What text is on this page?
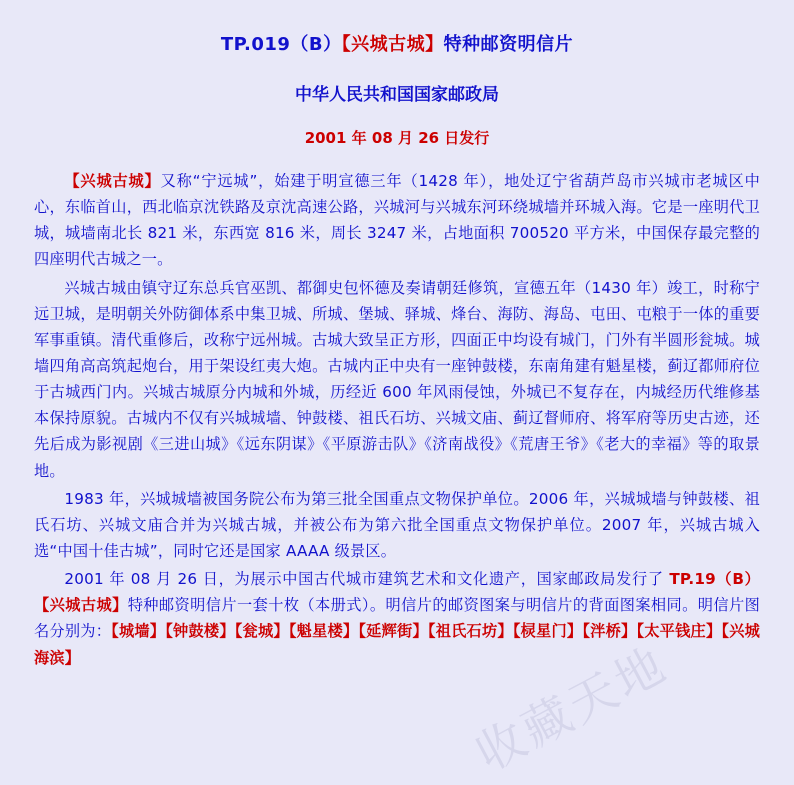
收藏天地
TP.019（B）【兴城古城】特种邮资明信片
中华人民共和国国家邮政局
2001 年 08 月 26 日发行

【兴城古城】又称“宁远城”，始建于明宣德三年（1428 年），地处辽宁省葫芦岛市兴城市老城区中心，东临首山，西北临京沈铁路及京沈高速公路，兴城河与兴城东河环绕城墙并环城入海。它是一座明代卫城，城墙南北长 821 米，东西宽 816 米，周长 3247 米，占地面积 700520 平方米，中国保存最完整的四座明代古城之一。

兴城古城由镇守辽东总兵官巫凯、都御史包怀德及奏请朝廷修筑，宣德五年（1430 年）竣工，时称宁远卫城，是明朝关外防御体系中集卫城、所城、堡城、驿城、烽台、海防、海岛、屯田、屯粮于一体的重要军事重镇。清代重修后，改称宁远州城。古城大致呈正方形，四面正中均设有城门，门外有半圆形瓮城。城墙四角高高筑起炮台，用于架设红夷大炮。古城内正中央有一座钟鼓楼，东南角建有魁星楼，蓟辽都师府位于古城西门内。兴城古城原分内城和外城，历经近 600 年风雨侵蚀，外城已不复存在，内城经历代维修基本保持原貌。古城内不仅有兴城城墙、钟鼓楼、祖氏石坊、兴城文庙、蓟辽督师府、将军府等历史古迹，还先后成为影视剧《三进山城》《远东阴谋》《平原游击队》《济南战役》《荒唐王爷》《老大的幸福》等的取景地。

1983 年，兴城城墙被国务院公布为第三批全国重点文物保护单位。2006 年，兴城城墙与钟鼓楼、祖氏石坊、兴城文庙合并为兴城古城，并被公布为第六批全国重点文物保护单位。2007 年，兴城古城入选“中国十佳古城”，同时它还是国家 AAAA 级景区。

2001 年 08 月 26 日，为展示中国古代城市建筑艺术和文化遗产，国家邮政局发行了 TP.19（B）【兴城古城】特种邮资明信片一套十枚（本册式）。明信片的邮资图案与明信片的背面图案相同。明信片图名分别为：【城墙】【钟鼓楼】【瓮城】【魁星楼】【延辉街】【祖氏石坊】【棂星门】【泮桥】【太平钱庄】【兴城海滨】
